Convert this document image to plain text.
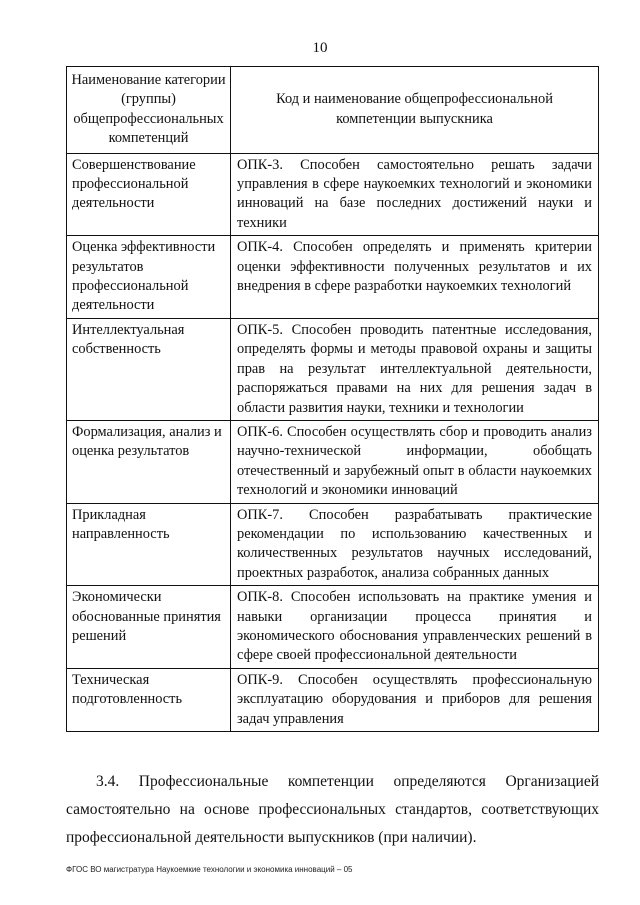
10
Наименование категории (группы) общепрофессиональных компетенций	Код и наименование общепрофессиональной компетенции выпускника
Совершенствование профессиональной деятельности	ОПК-3. Способен самостоятельно решать задачи управления в сфере наукоемких технологий и экономики инноваций на базе последних достижений науки и техники
Оценка эффективности результатов профессиональной деятельности	ОПК-4. Способен определять и применять критерии оценки эффективности полученных результатов и их внедрения в сфере разработки наукоемких технологий
Интеллектуальная собственность	ОПК-5. Способен проводить патентные исследования, определять формы и методы правовой охраны и защиты прав на результат интеллектуальной деятельности, распоряжаться правами на них для решения задач в области развития науки, техники и технологии
Формализация, анализ и оценка результатов	ОПК-6. Способен осуществлять сбор и проводить анализ научно-технической информации, обобщать отечественный и зарубежный опыт в области наукоемких технологий и экономики инноваций
Прикладная направленность	ОПК-7. Способен разрабатывать практические рекомендации по использованию качественных и количественных результатов научных исследований, проектных разработок, анализа собранных данных
Экономически обоснованные принятия решений	ОПК-8. Способен использовать на практике умения и навыки организации процесса принятия и экономического обоснования управленческих решений в сфере своей профессиональной деятельности
Техническая подготовленность	ОПК-9. Способен осуществлять профессиональную эксплуатацию оборудования и приборов для решения задач управления

3.4. Профессиональные компетенции определяются Организацией самостоятельно на основе профессиональных стандартов, соответствующих профессиональной деятельности выпускников (при наличии).

ФГОС ВО магистратура Наукоемкие технологии и экономика инноваций – 05
